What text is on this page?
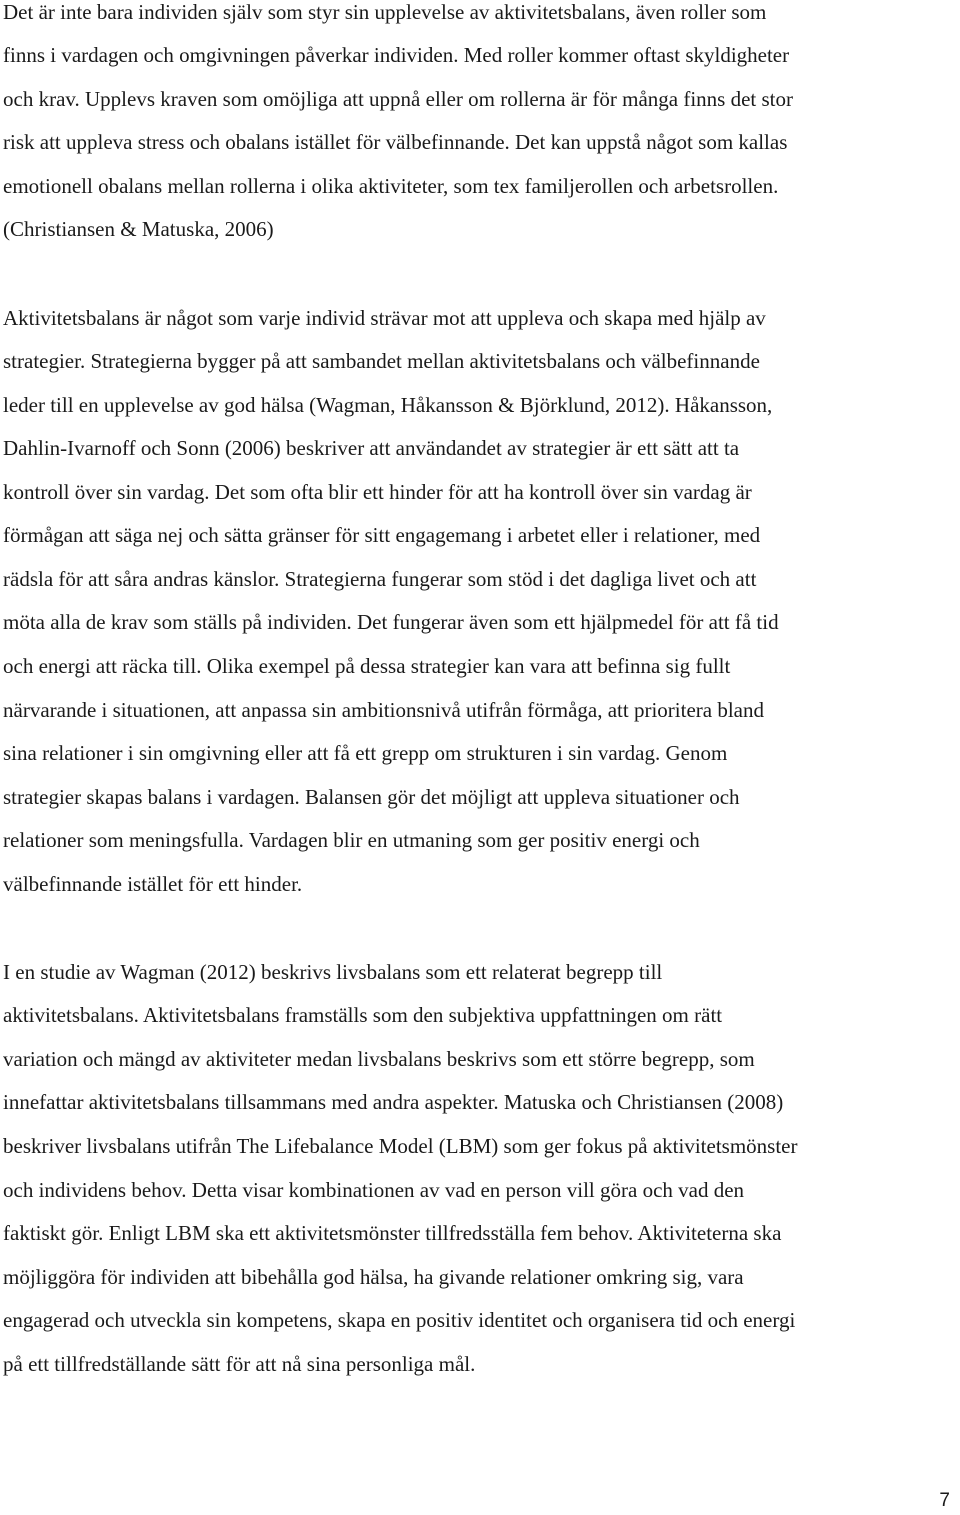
Det är inte bara individen själv som styr sin upplevelse av aktivitetsbalans, även roller som
finns i vardagen och omgivningen påverkar individen. Med roller kommer oftast skyldigheter
och krav. Upplevs kraven som omöjliga att uppnå eller om rollerna är för många finns det stor
risk att uppleva stress och obalans istället för välbefinnande. Det kan uppstå något som kallas
emotionell obalans mellan rollerna i olika aktiviteter, som tex familjerollen och arbetsrollen.
(Christiansen & Matuska, 2006)
Aktivitetsbalans är något som varje individ strävar mot att uppleva och skapa med hjälp av
strategier. Strategierna bygger på att sambandet mellan aktivitetsbalans och välbefinnande
leder till en upplevelse av god hälsa (Wagman, Håkansson & Björklund, 2012). Håkansson,
Dahlin-Ivarnoff och Sonn (2006) beskriver att användandet av strategier är ett sätt att ta
kontroll över sin vardag. Det som ofta blir ett hinder för att ha kontroll över sin vardag är
förmågan att säga nej och sätta gränser för sitt engagemang i arbetet eller i relationer, med
rädsla för att såra andras känslor. Strategierna fungerar som stöd i det dagliga livet och att
möta alla de krav som ställs på individen. Det fungerar även som ett hjälpmedel för att få tid
och energi att räcka till. Olika exempel på dessa strategier kan vara att befinna sig fullt
närvarande i situationen, att anpassa sin ambitionsnivå utifrån förmåga, att prioritera bland
sina relationer i sin omgivning eller att få ett grepp om strukturen i sin vardag. Genom
strategier skapas balans i vardagen. Balansen gör det möjligt att uppleva situationer och
relationer som meningsfulla. Vardagen blir en utmaning som ger positiv energi och
välbefinnande istället för ett hinder.
I en studie av Wagman (2012) beskrivs livsbalans som ett relaterat begrepp till
aktivitetsbalans. Aktivitetsbalans framställs som den subjektiva uppfattningen om rätt
variation och mängd av aktiviteter medan livsbalans beskrivs som ett större begrepp, som
innefattar aktivitetsbalans tillsammans med andra aspekter. Matuska och Christiansen (2008)
beskriver livsbalans utifrån The Lifebalance Model (LBM) som ger fokus på aktivitetsmönster
och individens behov. Detta visar kombinationen av vad en person vill göra och vad den
faktiskt gör. Enligt LBM ska ett aktivitetsmönster tillfredsställa fem behov. Aktiviteterna ska
möjliggöra för individen att bibehålla god hälsa, ha givande relationer omkring sig, vara
engagerad och utveckla sin kompetens, skapa en positiv identitet och organisera tid och energi
på ett tillfredställande sätt för att nå sina personliga mål.
7
